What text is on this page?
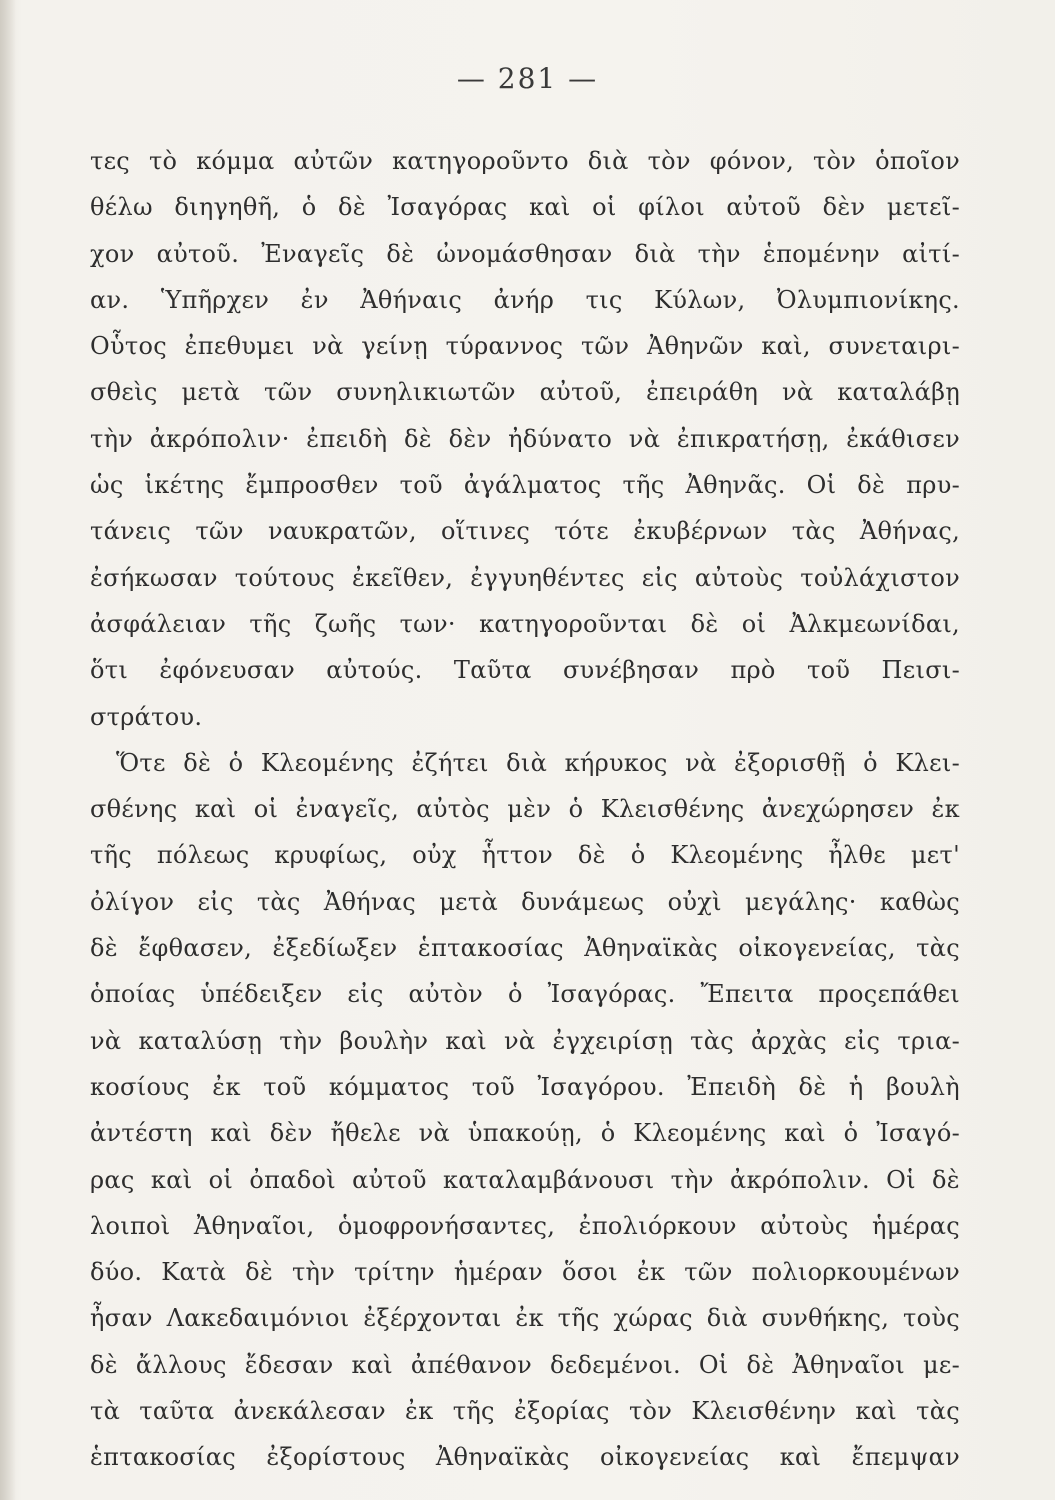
— 281 —
τες τὸ κόμμα αὐτῶν κατηγοροῦντο διὰ τὸν φόνον, τὸν ὁποῖον
θέλω διηγηθῆ, ὁ δὲ Ἰσαγόρας καὶ οἱ φίλοι αὐτοῦ δὲν μετεῖ-
χον αὐτοῦ. Ἐναγεῖς δὲ ὠνομάσθησαν διὰ τὴν ἑπομένην αἰτί-
αν. Ὑπῆρχεν ἐν Ἀθήναις ἀνήρ τις Κύλων, Ὀλυμπιονίκης.
Οὗτος ἐπεθυμει νὰ γείνῃ τύραννος τῶν Ἀθηνῶν καὶ, συνεταιρι-
σθεὶς μετὰ τῶν συνηλικιωτῶν αὐτοῦ, ἐπειράθη νὰ καταλάβῃ
τὴν ἀκρόπολιν· ἐπειδὴ δὲ δὲν ἠδύνατο νὰ ἐπικρατήσῃ, ἐκάθισεν
ὡς ἱκέτης ἔμπροσθεν τοῦ ἀγάλματος τῆς Ἀθηνᾶς. Οἱ δὲ πρυ-
τάνεις τῶν ναυκρατῶν, οἵτινες τότε ἐκυβέρνων τὰς Ἀθήνας,
ἐσήκωσαν τούτους ἐκεῖθεν, ἐγγυηθέντες εἰς αὐτοὺς τοὐλάχιστον
ἀσφάλειαν τῆς ζωῆς των· κατηγοροῦνται δὲ οἱ Ἀλκμεωνίδαι,
ὅτι ἐφόνευσαν αὐτούς. Ταῦτα συνέβησαν πρὸ τοῦ Πεισι-
στράτου.
Ὅτε δὲ ὁ Κλεομένης ἐζήτει διὰ κήρυκος νὰ ἐξορισθῇ ὁ Κλει-
σθένης καὶ οἱ ἐναγεῖς, αὐτὸς μὲν ὁ Κλεισθένης ἀνεχώρησεν ἐκ
τῆς πόλεως κρυφίως, οὐχ ἧττον δὲ ὁ Κλεομένης ἦλθε μετ'
ὀλίγον εἰς τὰς Ἀθήνας μετὰ δυνάμεως οὐχὶ μεγάλης· καθὼς
δὲ ἔφθασεν, ἐξεδίωξεν ἑπτακοσίας Ἀθηναϊκὰς οἰκογενείας, τὰς
ὁποίας ὑπέδειξεν εἰς αὐτὸν ὁ Ἰσαγόρας. Ἔπειτα προςεπάθει
νὰ καταλύσῃ τὴν βουλὴν καὶ νὰ ἐγχειρίσῃ τὰς ἀρχὰς εἰς τρια-
κοσίους ἐκ τοῦ κόμματος τοῦ Ἰσαγόρου. Ἐπειδὴ δὲ ἡ βουλὴ
ἀντέστη καὶ δὲν ἤθελε νὰ ὑπακούῃ, ὁ Κλεομένης καὶ ὁ Ἰσαγό-
ρας καὶ οἱ ὀπαδοὶ αὐτοῦ καταλαμβάνουσι τὴν ἀκρόπολιν. Οἱ δὲ
λοιποὶ Ἀθηναῖοι, ὁμοφρονήσαντες, ἐπολιόρκουν αὐτοὺς ἡμέρας
δύο. Κατὰ δὲ τὴν τρίτην ἡμέραν ὅσοι ἐκ τῶν πολιορκουμένων
ἦσαν Λακεδαιμόνιοι ἐξέρχονται ἐκ τῆς χώρας διὰ συνθήκης, τοὺς
δὲ ἄλλους ἔδεσαν καὶ ἀπέθανον δεδεμένοι. Οἱ δὲ Ἀθηναῖοι με-
τὰ ταῦτα ἀνεκάλεσαν ἐκ τῆς ἐξορίας τὸν Κλεισθένην καὶ τὰς
ἑπτακοσίας ἐξορίστους Ἀθηναϊκὰς οἰκογενείας καὶ ἔπεμψαν
